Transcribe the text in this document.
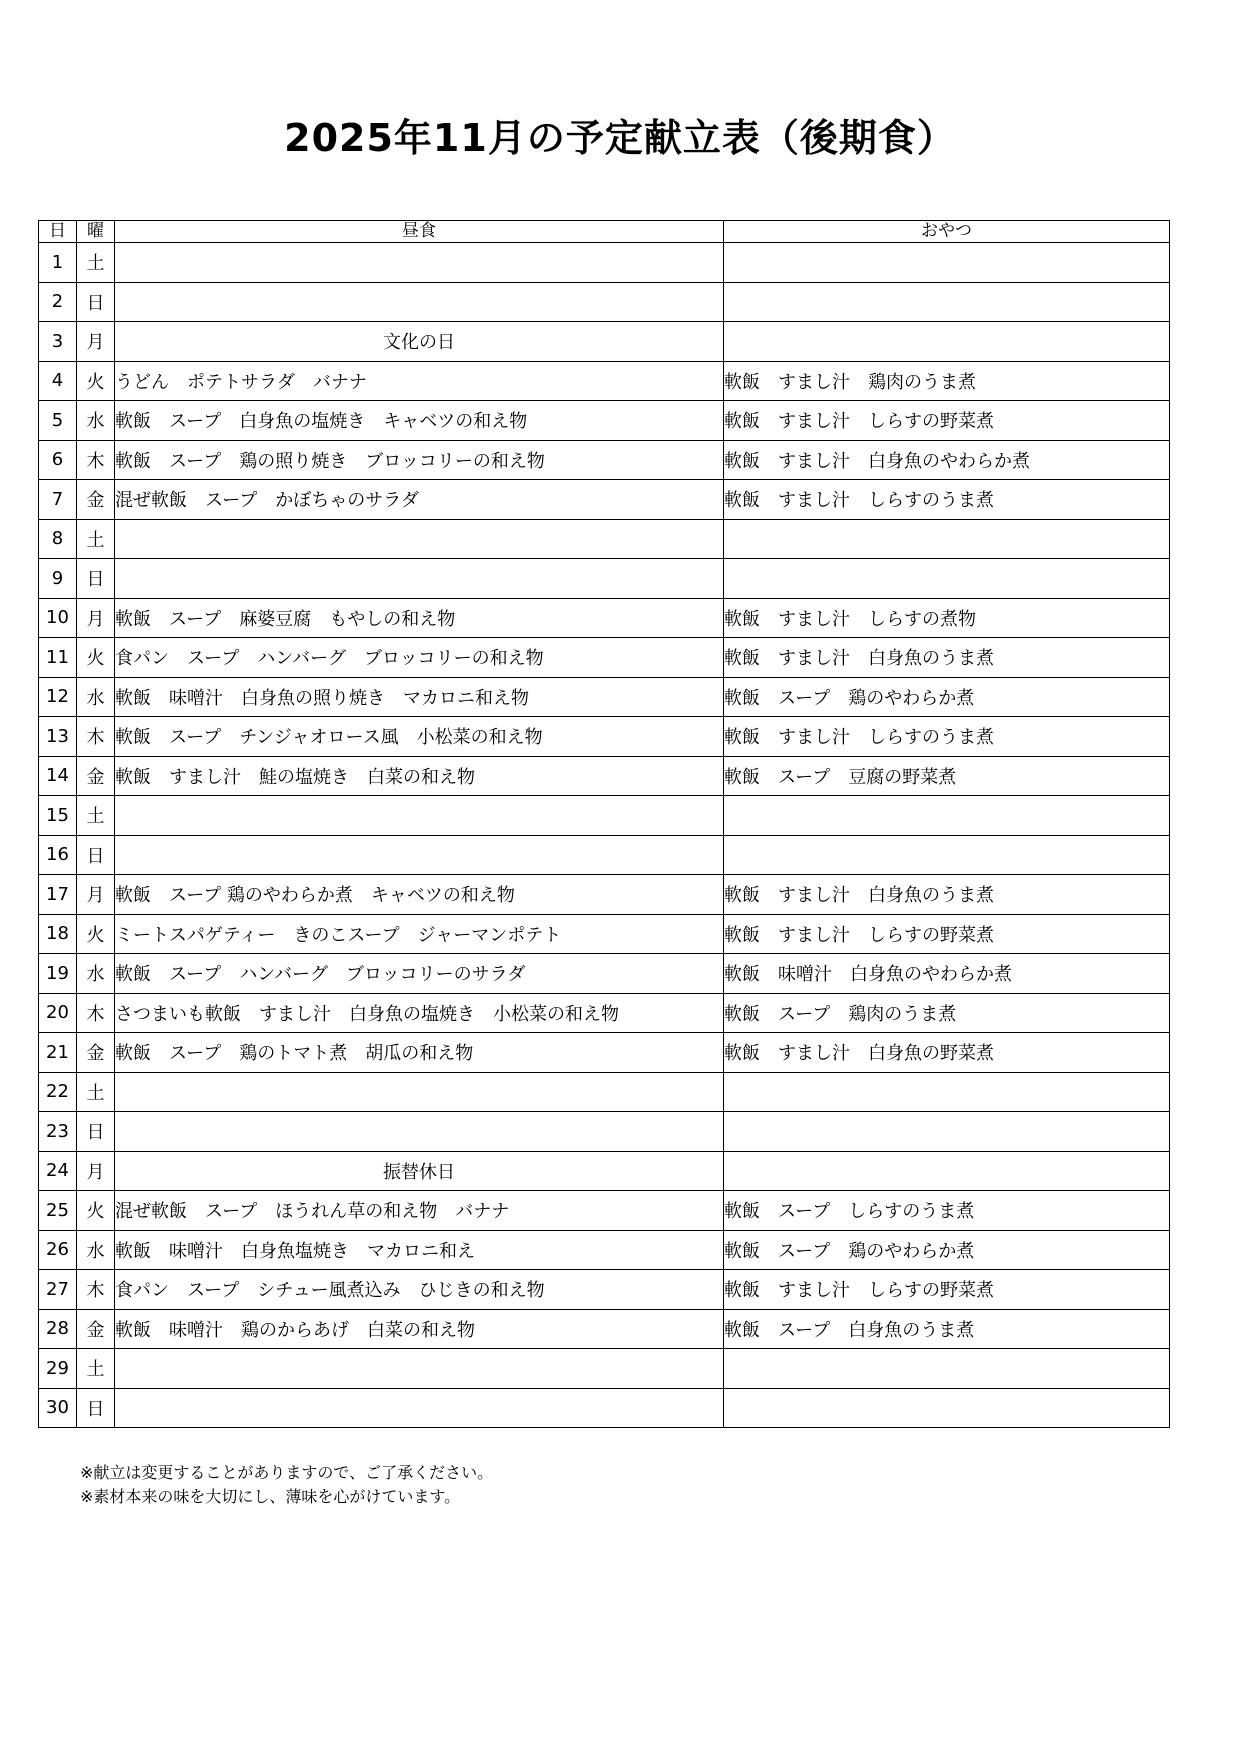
2025年11月の予定献立表（後期食）
日	曜	昼食	おやつ
1	土		
2	日		
3	月	文化の日	
4	火	うどん　ポテトサラダ　バナナ	軟飯　すまし汁　鶏肉のうま煮
5	水	軟飯　スープ　白身魚の塩焼き　キャベツの和え物	軟飯　すまし汁　しらすの野菜煮
6	木	軟飯　スープ　鶏の照り焼き　ブロッコリーの和え物	軟飯　すまし汁　白身魚のやわらか煮
7	金	混ぜ軟飯　スープ　かぼちゃのサラダ	軟飯　すまし汁　しらすのうま煮
8	土		
9	日		
10	月	軟飯　スープ　麻婆豆腐　もやしの和え物	軟飯　すまし汁　しらすの煮物
11	火	食パン　スープ　ハンバーグ　ブロッコリーの和え物	軟飯　すまし汁　白身魚のうま煮
12	水	軟飯　味噌汁　白身魚の照り焼き　マカロニ和え物	軟飯　スープ　鶏のやわらか煮
13	木	軟飯　スープ　チンジャオロース風　小松菜の和え物	軟飯　すまし汁　しらすのうま煮
14	金	軟飯　すまし汁　鮭の塩焼き　白菜の和え物	軟飯　スープ　豆腐の野菜煮
15	土		
16	日		
17	月	軟飯　スープ 鶏のやわらか煮　キャベツの和え物	軟飯　すまし汁　白身魚のうま煮
18	火	ミートスパゲティー　きのこスープ　ジャーマンポテト	軟飯　すまし汁　しらすの野菜煮
19	水	軟飯　スープ　ハンバーグ　ブロッコリーのサラダ	軟飯　味噌汁　白身魚のやわらか煮
20	木	さつまいも軟飯　すまし汁　白身魚の塩焼き　小松菜の和え物	軟飯　スープ　鶏肉のうま煮
21	金	軟飯　スープ　鶏のトマト煮　胡瓜の和え物	軟飯　すまし汁　白身魚の野菜煮
22	土		
23	日		
24	月	振替休日	
25	火	混ぜ軟飯　スープ　ほうれん草の和え物　バナナ	軟飯　スープ　しらすのうま煮
26	水	軟飯　味噌汁　白身魚塩焼き　マカロニ和え	軟飯　スープ　鶏のやわらか煮
27	木	食パン　スープ　シチュー風煮込み　ひじきの和え物	軟飯　すまし汁　しらすの野菜煮
28	金	軟飯　味噌汁　鶏のからあげ　白菜の和え物	軟飯　スープ　白身魚のうま煮
29	土		
30	日		
※献立は変更することがありますので、ご了承ください。
※素材本来の味を大切にし、薄味を心がけています。
